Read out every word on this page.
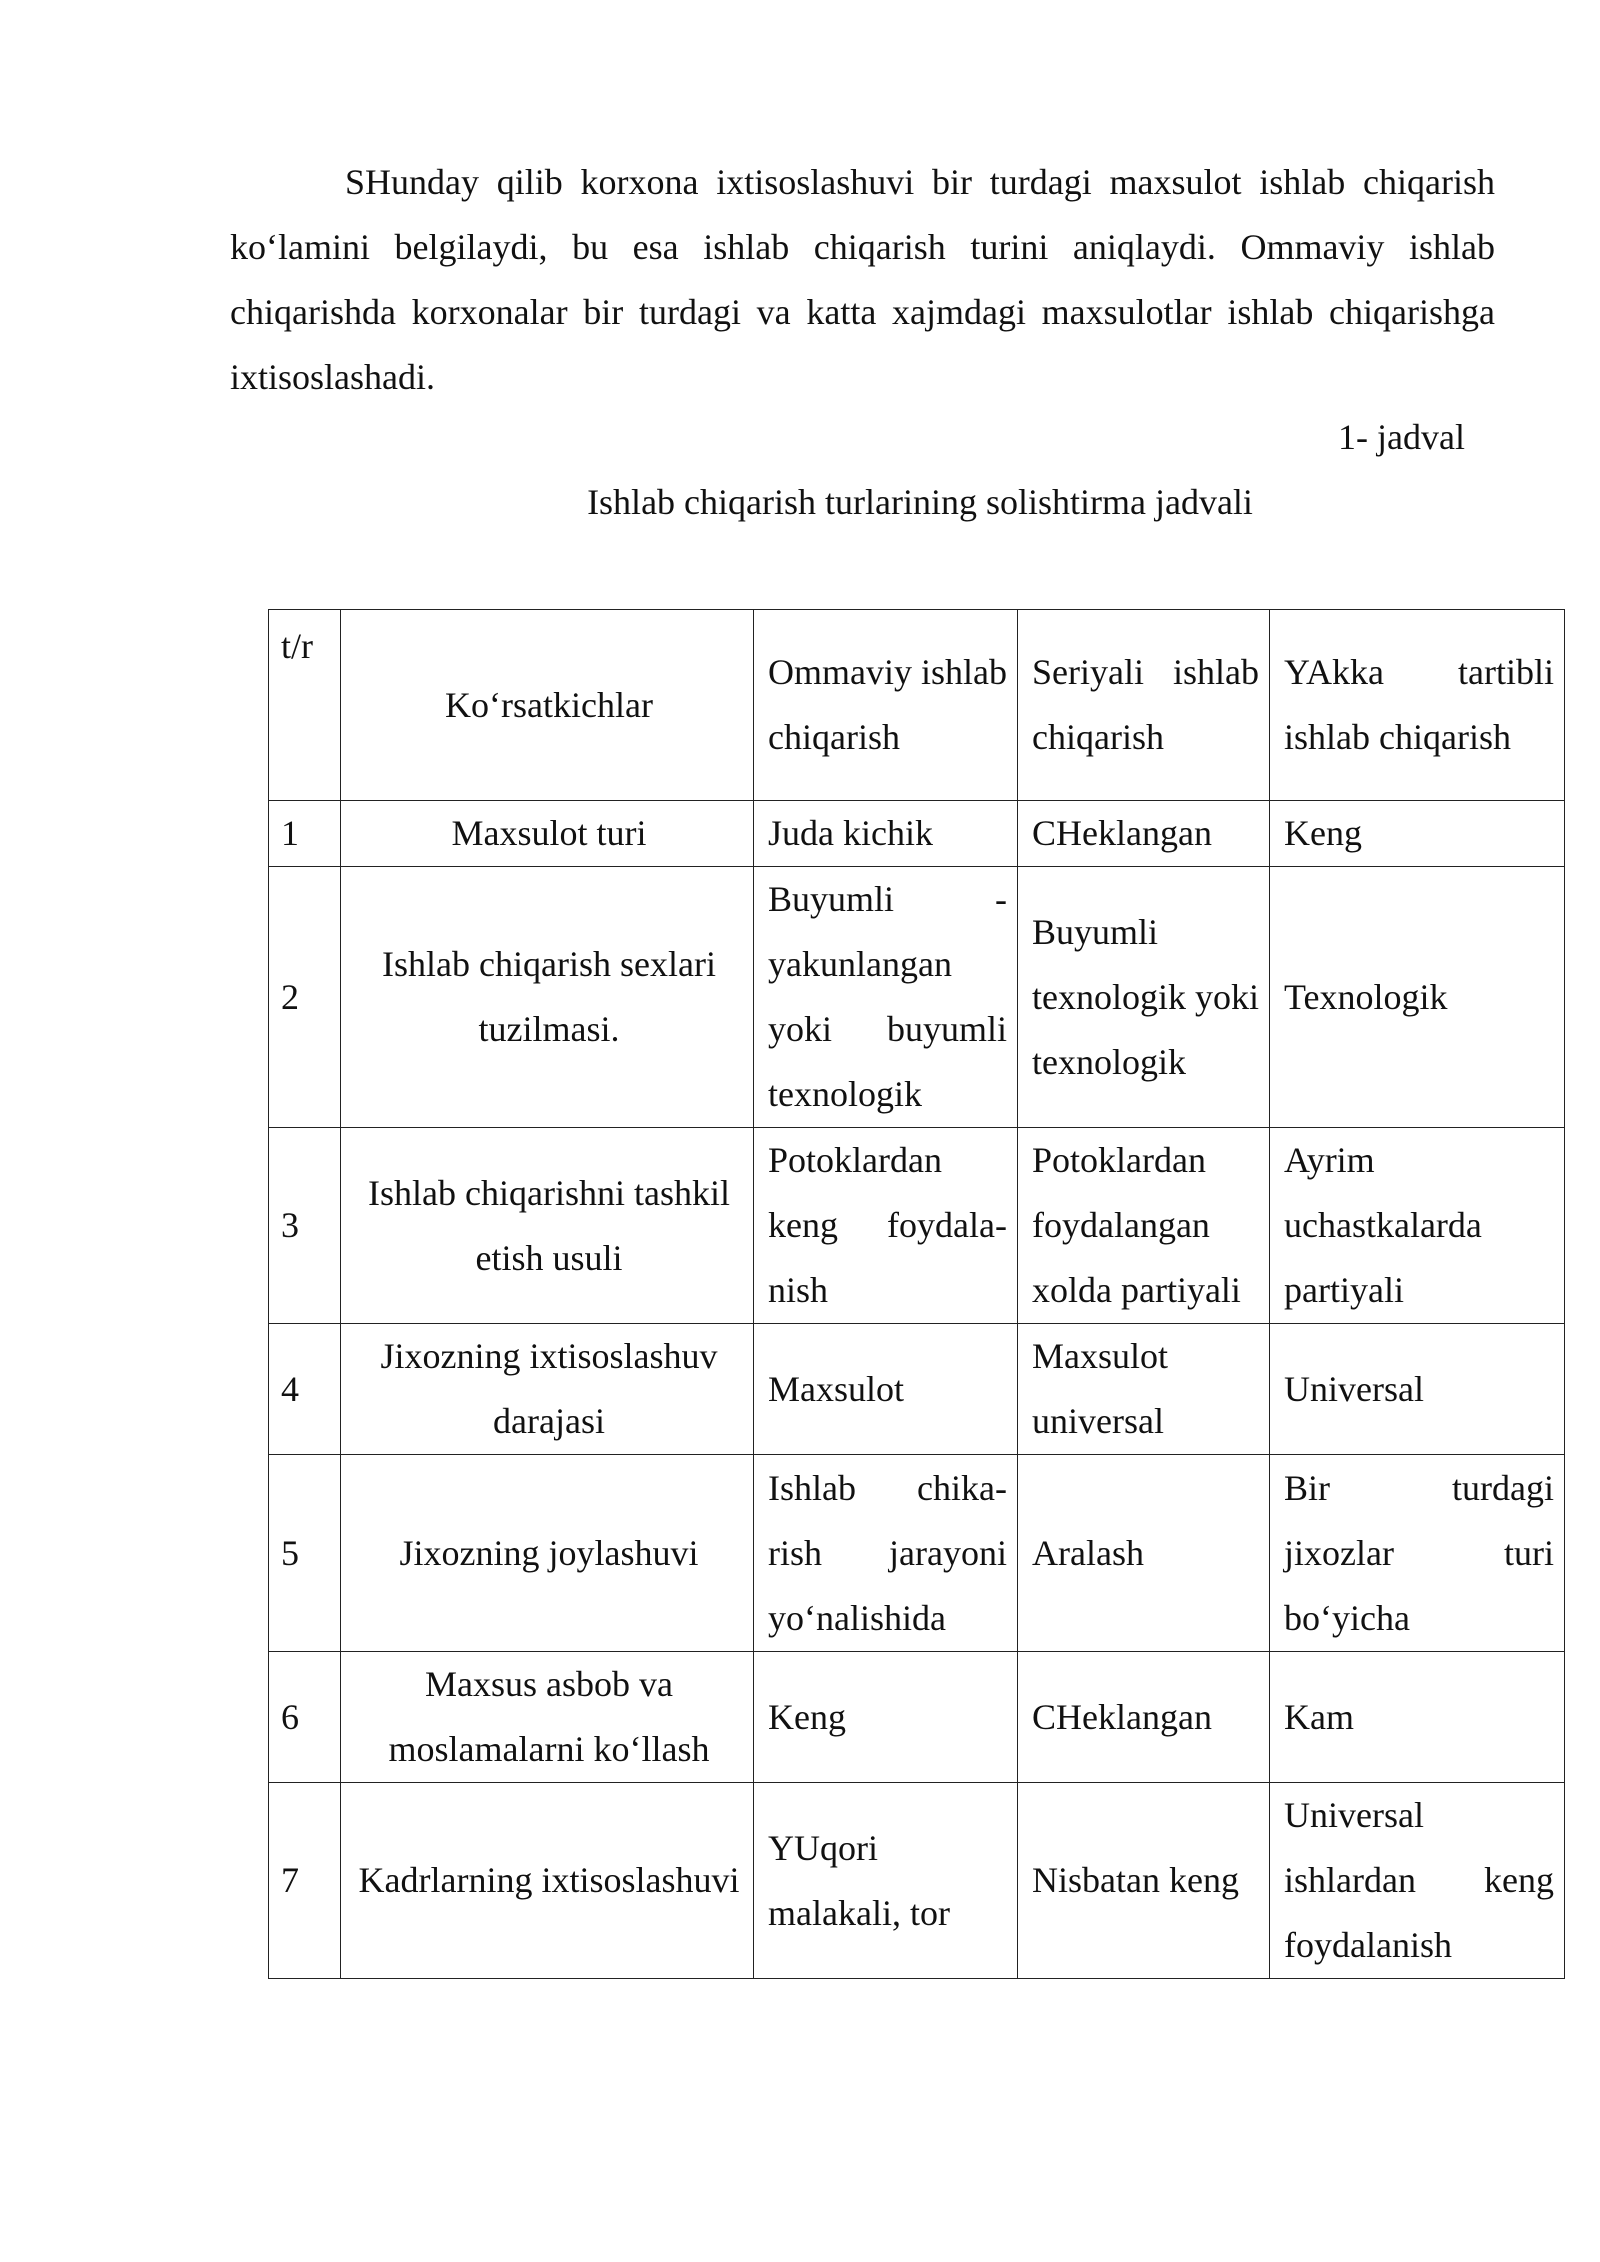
SHunday qilib korxona ixtisoslashuvi bir turdagi maxsulot ishlab chiqarish ko‘lamini belgilaydi, bu esa ishlab chiqarish turini aniqlaydi. Ommaviy ishlab chiqarishda korxonalar bir turdagi va katta xajmdagi maxsulotlar ishlab chiqarishga ixtisoslashadi.

1- jadval

Ishlab chiqarish turlarining solishtirma jadvali

t/r	Ko‘rsatkichlar	Ommaviy ishlab chiqarish	Seriyali ishlab chiqarish	YAkka tartibli ishlab chiqarish
1	Maxsulot turi	Juda kichik	CHeklangan	Keng
2	Ishlab chiqarish sexlari tuzilmasi.	Buyumli - yakunlangan yoki buyumli texnologik	Buyumli texnologik yoki texnologik	Texnologik
3	Ishlab chiqarishni tashkil etish usuli	Potoklardan keng foydala-nish	Potoklardan foydalangan xolda partiyali	Ayrim uchastkalarda partiyali
4	Jixozning ixtisoslashuv darajasi	Maxsulot	Maxsulot universal	Universal
5	Jixozning joylashuvi	Ishlab chika-rish jarayoni yo‘nalishida	Aralash	Bir turdagi jixozlar turi bo‘yicha
6	Maxsus asbob va moslamalarni ko‘llash	Keng	CHeklangan	Kam
7	Kadrlarning ixtisoslashuvi	YUqori malakali, tor	Nisbatan keng	Universal ishlardan keng foydalanish
